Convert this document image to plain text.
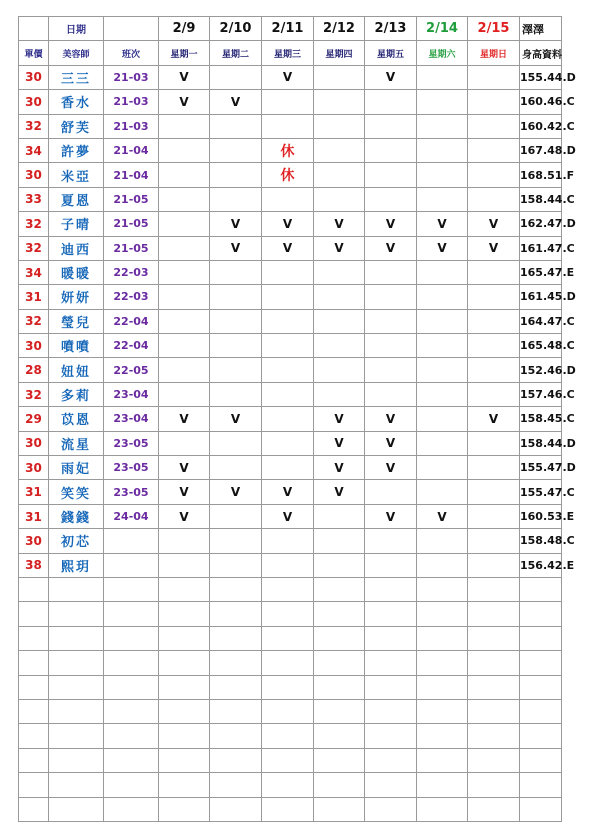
	日期		2/9	2/10	2/11	2/12	2/13	2/14	2/15	澤澤
單價	美容師	班次	星期一	星期二	星期三	星期四	星期五	星期六	星期日	身高資料
30	三三	21-03	V		V		V			155.44.D
30	香水	21-03	V	V						160.46.C
32	舒芙	21-03								160.42.C
34	許夢	21-04			休					167.48.D
30	米亞	21-04			休					168.51.F
33	夏恩	21-05								158.44.C
32	子晴	21-05		V	V	V	V	V	V	162.47.D
32	迪西	21-05		V	V	V	V	V	V	161.47.C
34	暖暖	22-03								165.47.E
31	妍妍	22-03								161.45.D
32	瑩兒	22-04								164.47.C
30	噴噴	22-04								165.48.C
28	妞妞	22-05								152.46.D
32	多莉	23-04								157.46.C
29	苡恩	23-04	V	V		V	V		V	158.45.C
30	流星	23-05				V	V			158.44.D
30	雨妃	23-05	V			V	V			155.47.D
31	笑笑	23-05	V	V	V	V				155.47.C
31	錢錢	24-04	V		V		V	V		160.53.E
30	初芯									158.48.C
38	熙玥									156.42.E
